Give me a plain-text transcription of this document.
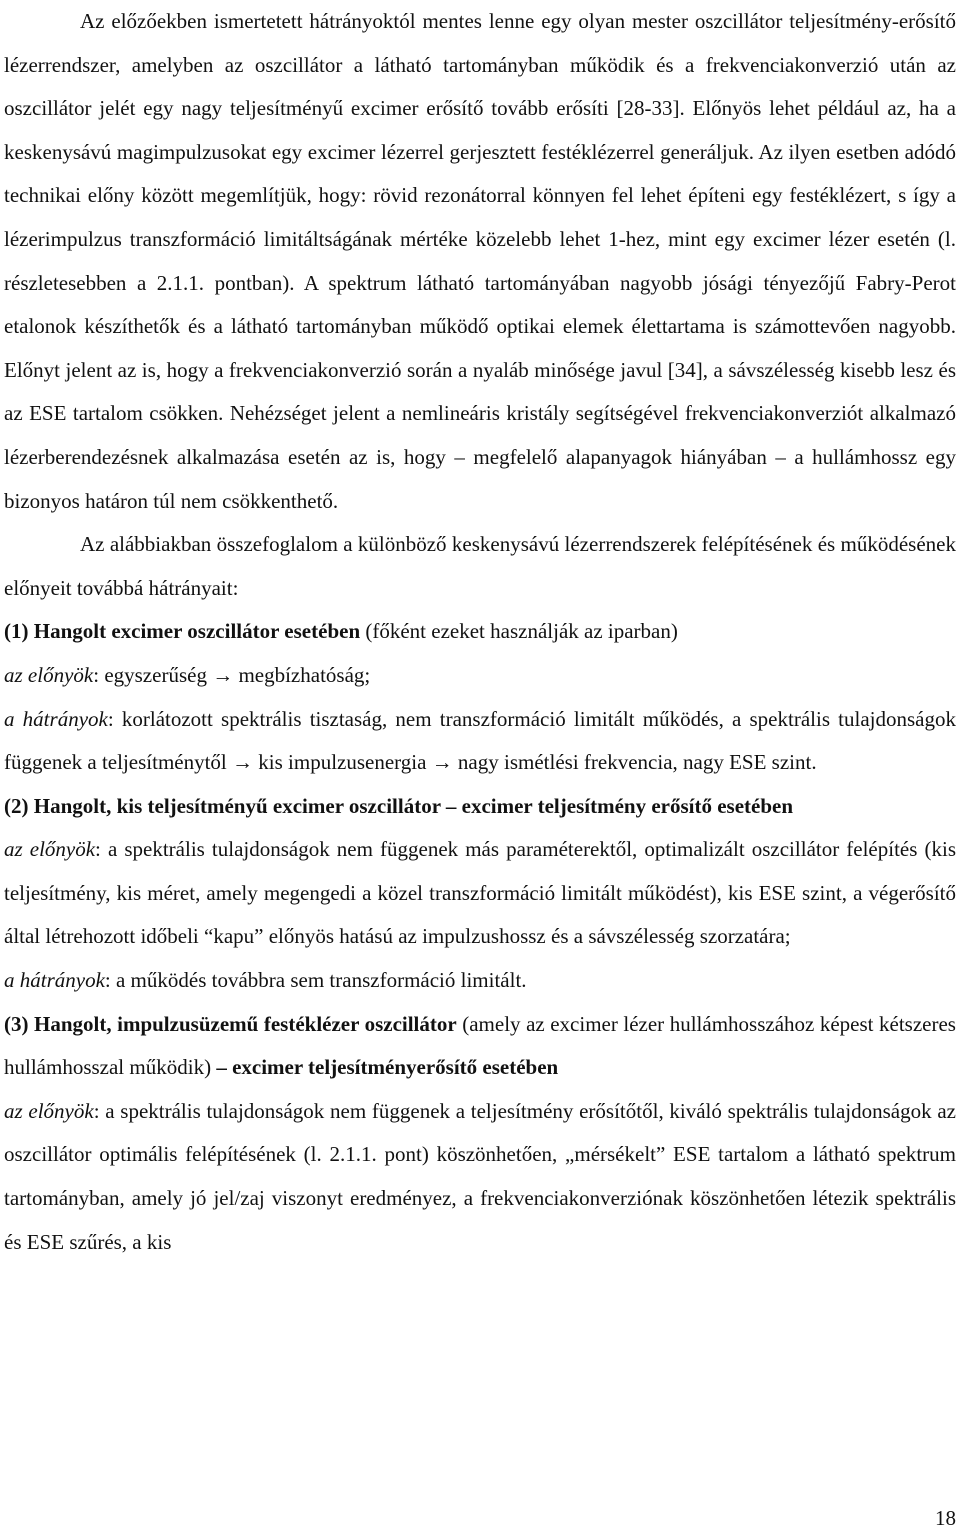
Az előzőekben ismertetett hátrányoktól mentes lenne egy olyan mester oszcillátor teljesítmény-erősítő lézerrendszer, amelyben az oszcillátor a látható tartományban működik és a frekvenciakonverzió után az oszcillátor jelét egy nagy teljesítményű excimer erősítő tovább erősíti [28-33]. Előnyös lehet például az, ha a keskenysávú magimpulzusokat egy excimer lézerrel gerjesztett festéklézerrel generáljuk. Az ilyen esetben adódó technikai előny között megemlítjük, hogy: rövid rezonátorral könnyen fel lehet építeni egy festéklézert, s így a lézerimpulzus transzformáció limitáltságának mértéke közelebb lehet 1-hez, mint egy excimer lézer esetén (l. részletesebben a 2.1.1. pontban). A spektrum látható tartományában nagyobb jósági tényezőjű Fabry-Perot etalonok készíthetők és a látható tartományban működő optikai elemek élettartama is számottevően nagyobb. Előnyt jelent az is, hogy a frekvenciakonverzió során a nyaláb minősége javul [34], a sávszélesség kisebb lesz és az ESE tartalom csökken. Nehézséget jelent a nemlineáris kristály segítségével frekvenciakonverziót alkalmazó lézerberendezésnek alkalmazása esetén az is, hogy – megfelelő alapanyagok hiányában – a hullámhossz egy bizonyos határon túl nem csökkenthető.

Az alábbiakban összefoglalom a különböző keskenysávú lézerrendszerek felépítésének és működésének előnyeit továbbá hátrányait:

(1) Hangolt excimer oszcillátor esetében (főként ezeket használják az iparban)

az előnyök: egyszerűség → megbízhatóság;

a hátrányok: korlátozott spektrális tisztaság, nem transzformáció limitált működés, a spektrális tulajdonságok függenek a teljesítménytől → kis impulzusenergia → nagy ismétlési frekvencia, nagy ESE szint.

(2) Hangolt, kis teljesítményű excimer oszcillátor – excimer teljesítmény erősítő esetében

az előnyök: a spektrális tulajdonságok nem függenek más paraméterektől, optimalizált oszcillátor felépítés (kis teljesítmény, kis méret, amely megengedi a közel transzformáció limitált működést), kis ESE szint, a végerősítő által létrehozott időbeli “kapu” előnyös hatású az impulzushossz és a sávszélesség szorzatára;

a hátrányok: a működés továbbra sem transzformáció limitált.

(3) Hangolt, impulzusüzemű festéklézer oszcillátor (amely az excimer lézer hullámhosszához képest kétszeres hullámhosszal működik) – excimer teljesítményerősítő esetében

az előnyök: a spektrális tulajdonságok nem függenek a teljesítmény erősítőtől, kiváló spektrális tulajdonságok az oszcillátor optimális felépítésének (l. 2.1.1. pont) köszönhetően, „mérsékelt” ESE tartalom a látható spektrum tartományban, amely jó jel/zaj viszonyt eredményez, a frekvenciakonverziónak köszönhetően létezik spektrális és ESE szűrés, a kis

18
